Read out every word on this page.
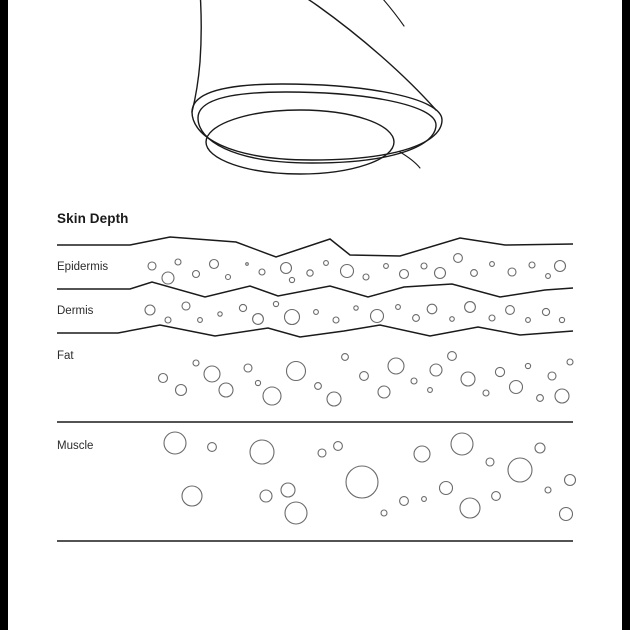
Skin Depth
Epidermis
Dermis
Fat
Muscle
